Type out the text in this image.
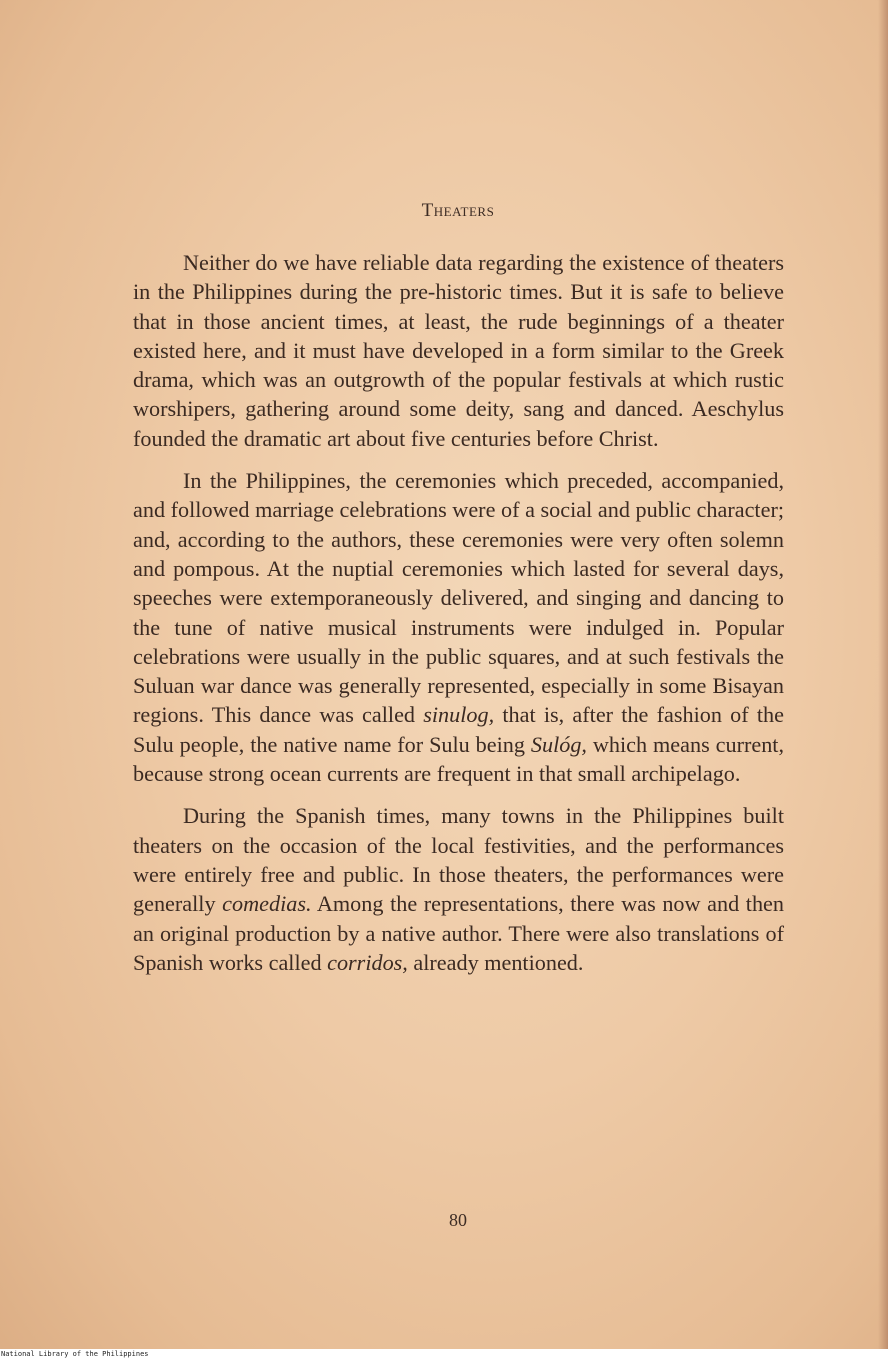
Theaters

Neither do we have reliable data regarding the existence of theaters in the Philippines during the pre-historic times. But it is safe to believe that in those ancient times, at least, the rude beginnings of a theater existed here, and it must have developed in a form similar to the Greek drama, which was an outgrowth of the popular festivals at which rustic worshipers, gathering around some deity, sang and danced. Aeschylus founded the dramatic art about five centuries before Christ.

In the Philippines, the ceremonies which preceded, accompanied, and followed marriage celebrations were of a social and public character; and, according to the authors, these ceremonies were very often solemn and pompous. At the nuptial ceremonies which lasted for several days, speeches were extemporaneously delivered, and singing and dancing to the tune of native musical instruments were indulged in. Popular celebrations were usually in the public squares, and at such festivals the Suluan war dance was generally represented, especially in some Bisayan regions. This dance was called sinulog, that is, after the fashion of the Sulu people, the native name for Sulu being Sulóg, which means current, because strong ocean currents are frequent in that small archipelago.

During the Spanish times, many towns in the Philippines built theaters on the occasion of the local festivities, and the performances were entirely free and public. In those theaters, the performances were generally comedias. Among the representations, there was now and then an original production by a native author. There were also translations of Spanish works called corridos, already mentioned.

80
National Library of the Philippines
